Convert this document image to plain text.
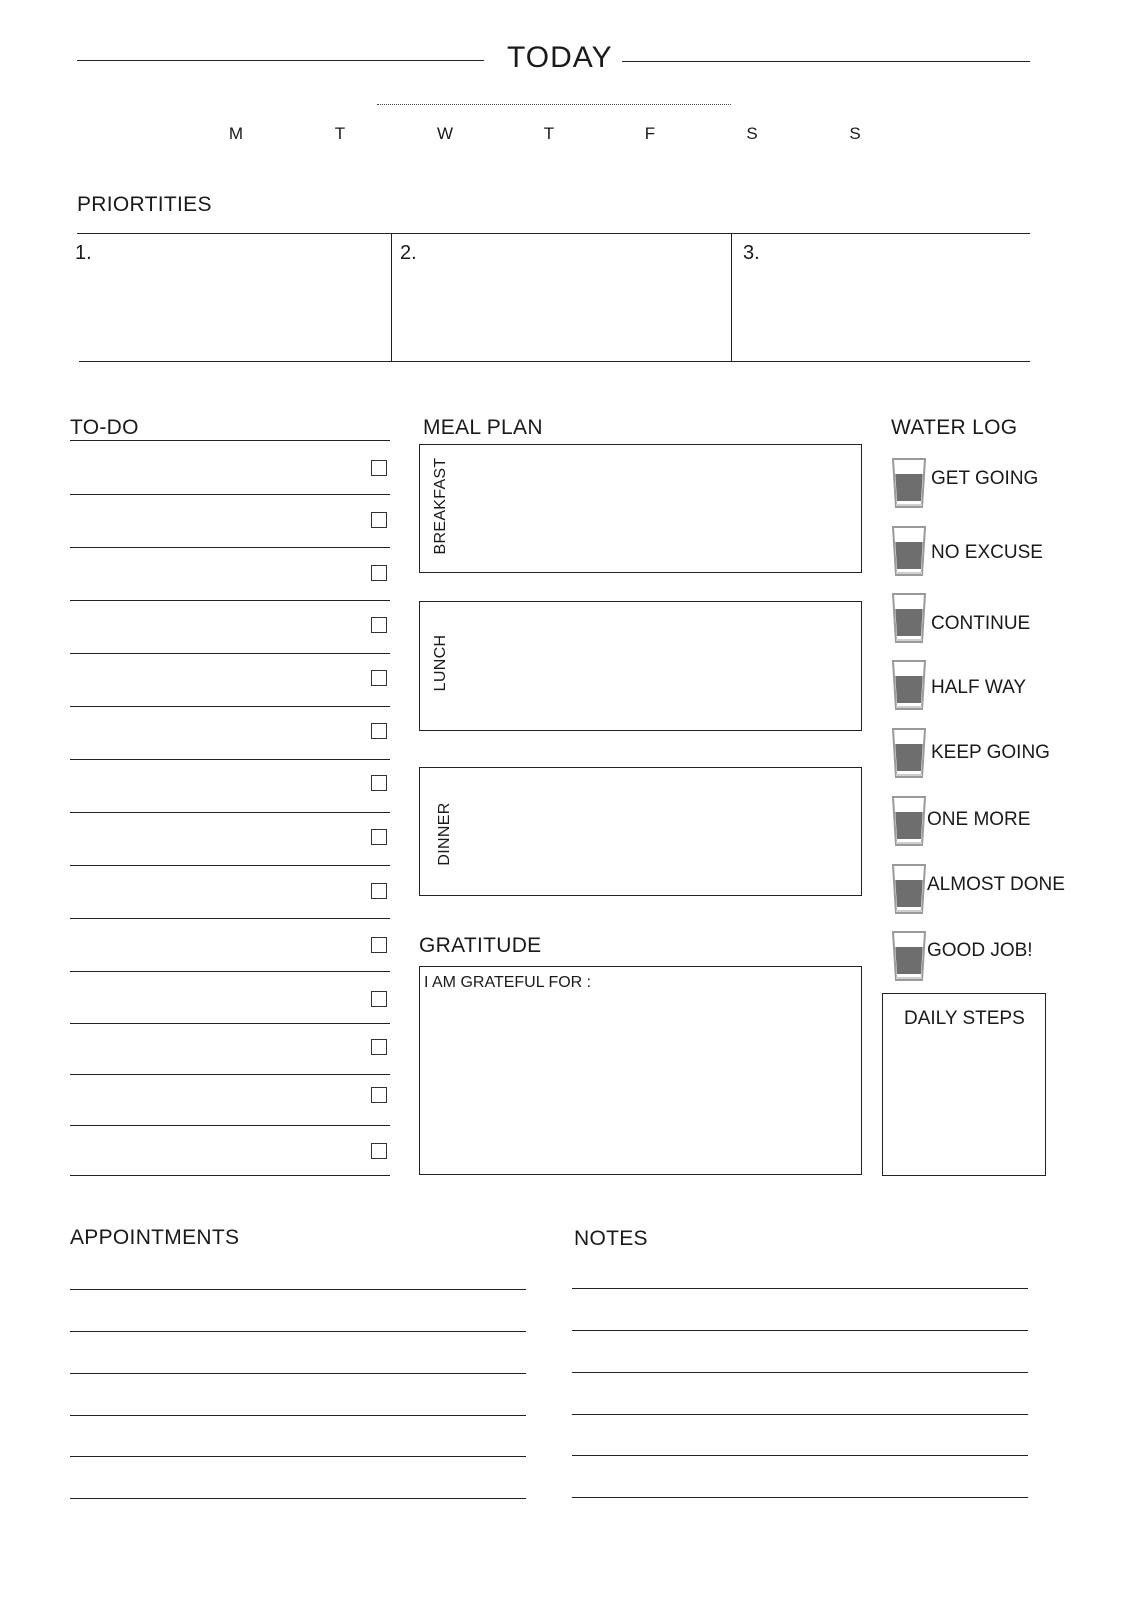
TODAY
M	T	W	T	F	S	S
PRIORTITIES
1.	2.	3.
TO-DO	MEAL PLAN
BREAKFAST
LUNCH
DINNER
GRATITUDE
I AM GRATEFUL FOR :
WATER LOG
GET GOING
NO EXCUSE
CONTINUE
HALF WAY
KEEP GOING
ONE MORE
ALMOST DONE
GOOD JOB!
DAILY STEPS
APPOINTMENTS	NOTES
